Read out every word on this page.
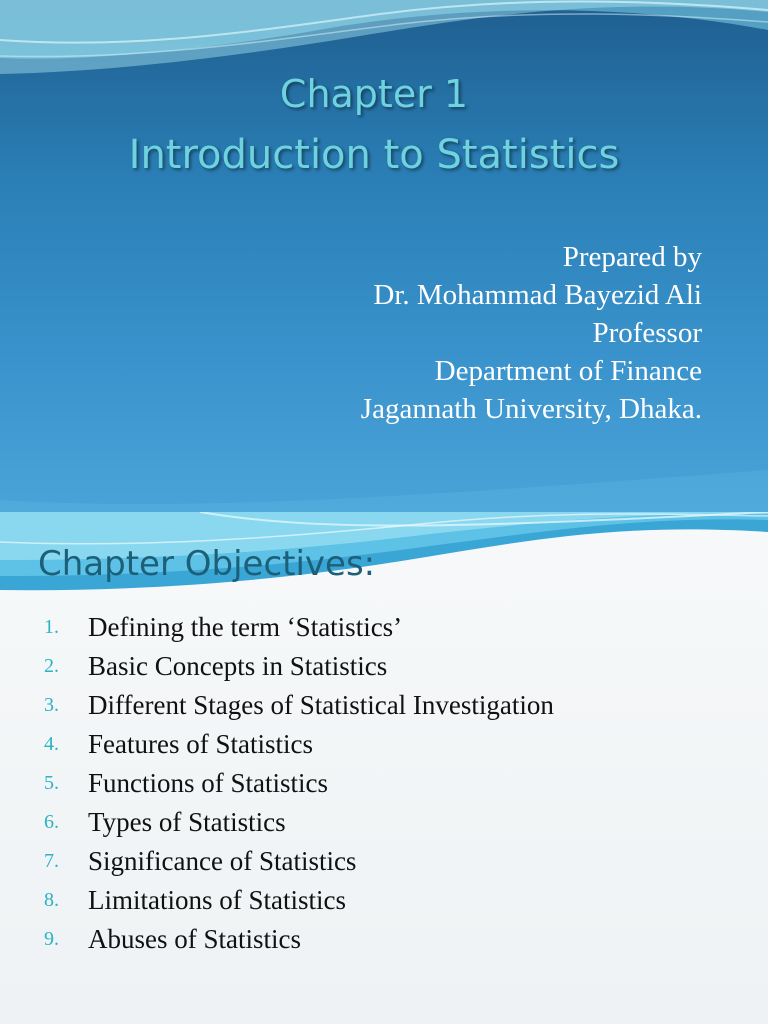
Chapter 1
Introduction to Statistics
Prepared by
Dr. Mohammad Bayezid Ali
Professor
Department of Finance
Jagannath University, Dhaka.
Chapter Objectives:
1.	Defining the term ‘Statistics’
2.	Basic Concepts in Statistics
3.	Different Stages of Statistical Investigation
4.	Features of Statistics
5.	Functions of Statistics
6.	Types of Statistics
7.	Significance of Statistics
8.	Limitations of Statistics
9.	Abuses of Statistics
